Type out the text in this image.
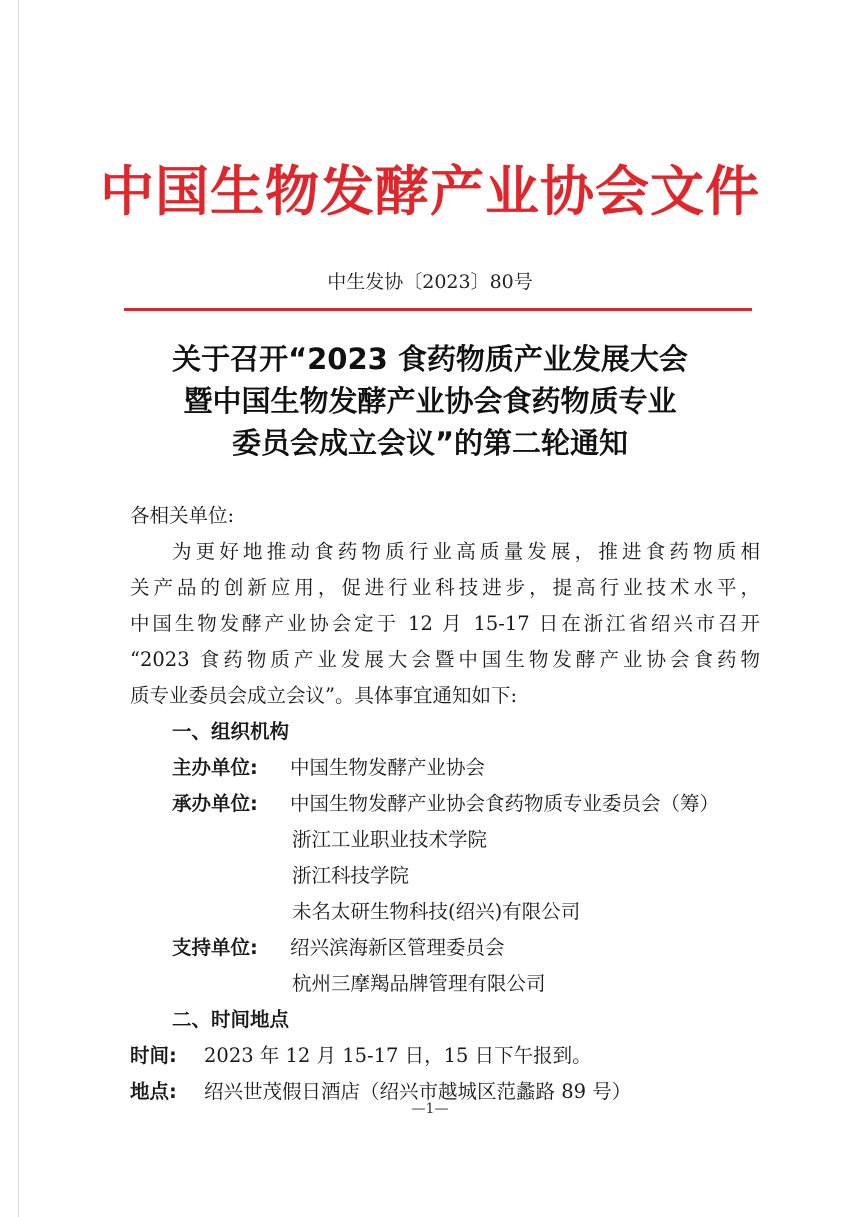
中国生物发酵产业协会文件
中生发协〔2023〕80号
关于召开“2023 食药物质产业发展大会
暨中国生物发酵产业协会食药物质专业
委员会成立会议”的第二轮通知
各相关单位:
为更好地推动食药物质行业高质量发展，推进食药物质相
关产品的创新应用，促进行业科技进步，提高行业技术水平，
中国生物发酵产业协会定于 12 月 15-17 日在浙江省绍兴市召开
“2023 食药物质产业发展大会暨中国生物发酵产业协会食药物
质专业委员会成立会议”。具体事宜通知如下:
一、组织机构
主办单位: 中国生物发酵产业协会
承办单位: 中国生物发酵产业协会食药物质专业委员会（筹）
浙江工业职业技术学院
浙江科技学院
未名太研生物科技(绍兴)有限公司
支持单位: 绍兴滨海新区管理委员会
杭州三摩羯品牌管理有限公司
二、时间地点
时间: 2023 年 12 月 15-17 日，15 日下午报到。
地点: 绍兴世茂假日酒店（绍兴市越城区范蠡路 89 号）
—1—
